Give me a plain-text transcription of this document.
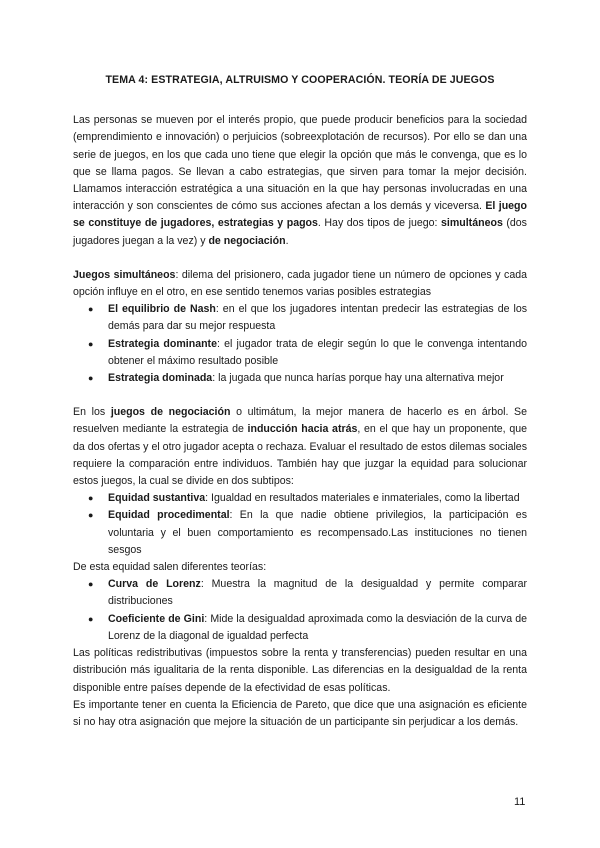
TEMA 4: ESTRATEGIA, ALTRUISMO Y COOPERACIÓN. TEORÍA DE JUEGOS

Las personas se mueven por el interés propio, que puede producir beneficios para la sociedad (emprendimiento e innovación) o perjuicios (sobreexplotación de recursos). Por ello se dan una serie de juegos, en los que cada uno tiene que elegir la opción que más le convenga, que es lo que se llama pagos. Se llevan a cabo estrategias, que sirven para tomar la mejor decisión. Llamamos interacción estratégica a una situación en la que hay personas involucradas en una interacción y son conscientes de cómo sus acciones afectan a los demás y viceversa. El juego se constituye de jugadores, estrategias y pagos. Hay dos tipos de juego: simultáneos (dos jugadores juegan a la vez) y de negociación.

Juegos simultáneos: dilema del prisionero, cada jugador tiene un número de opciones y cada opción influye en el otro, en ese sentido tenemos varias posibles estrategias

● El equilibrio de Nash: en el que los jugadores intentan predecir las estrategias de los demás para dar su mejor respuesta
● Estrategia dominante: el jugador trata de elegir según lo que le convenga intentando obtener el máximo resultado posible
● Estrategia dominada: la jugada que nunca harías porque hay una alternativa mejor

En los juegos de negociación o ultimátum, la mejor manera de hacerlo es en árbol. Se resuelven mediante la estrategia de inducción hacia atrás, en el que hay un proponente, que da dos ofertas y el otro jugador acepta o rechaza. Evaluar el resultado de estos dilemas sociales requiere la comparación entre individuos. También hay que juzgar la equidad para solucionar estos juegos, la cual se divide en dos subtipos:

● Equidad sustantiva: Igualdad en resultados materiales e inmateriales, como la libertad
● Equidad procedimental: En la que nadie obtiene privilegios, la participación es voluntaria y el buen comportamiento es recompensado.Las instituciones no tienen sesgos

De esta equidad salen diferentes teorías:

● Curva de Lorenz: Muestra la magnitud de la desigualdad y permite comparar distribuciones
● Coeficiente de Gini: Mide la desigualdad aproximada como la desviación de la curva de Lorenz de la diagonal de igualdad perfecta

Las políticas redistributivas (impuestos sobre la renta y transferencias) pueden resultar en una distribución más igualitaria de la renta disponible. Las diferencias en la desigualdad de la renta disponible entre países depende de la efectividad de esas políticas.

Es importante tener en cuenta la Eficiencia de Pareto, que dice que una asignación es eficiente si no hay otra asignación que mejore la situación de un participante sin perjudicar a los demás.

11
